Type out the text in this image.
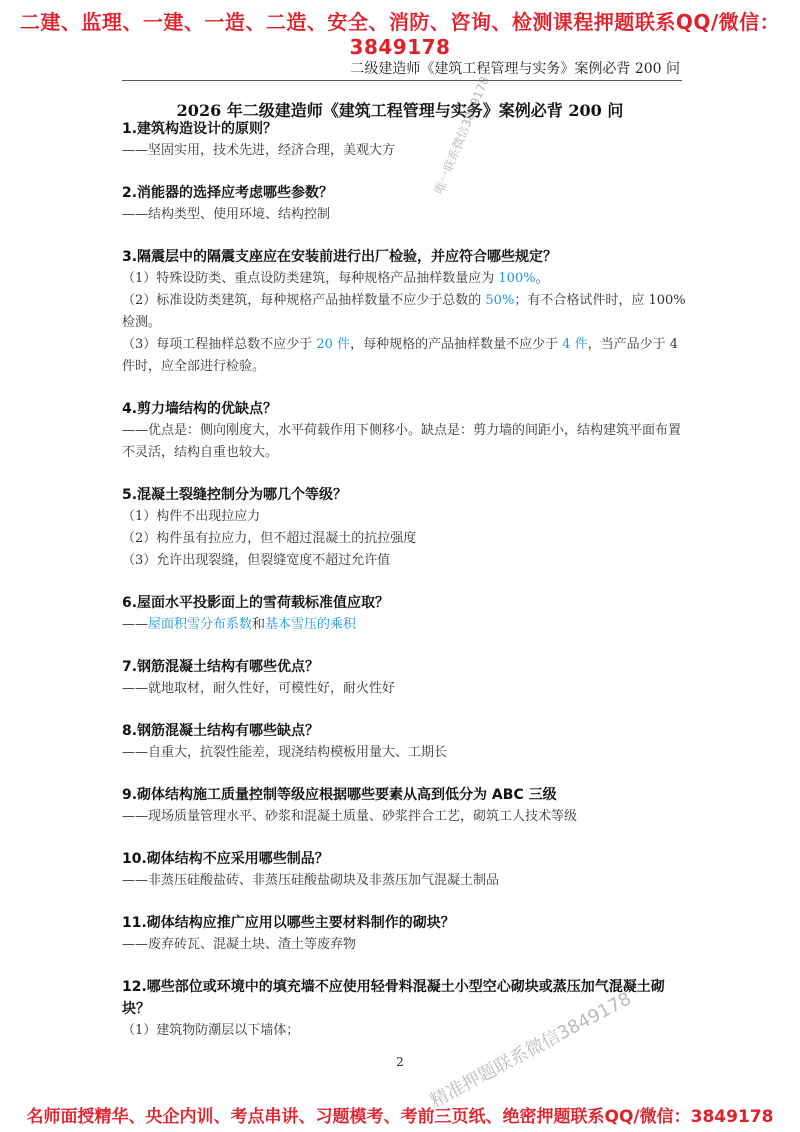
二建、监理、一建、一造、二造、安全、消防、咨询、检测课程押题联系QQ/微信：3849178
二级建造师《建筑工程管理与实务》案例必背 200 问
2026 年二级建造师《建筑工程管理与实务》案例必背 200 问
1.建筑构造设计的原则？
——坚固实用，技术先进，经济合理，美观大方
2.消能器的选择应考虑哪些参数？
——结构类型、使用环境、结构控制
3.隔震层中的隔震支座应在安装前进行出厂检验，并应符合哪些规定？
（1）特殊设防类、重点设防类建筑，每种规格产品抽样数量应为 100%。
（2）标准设防类建筑，每种规格产品抽样数量不应少于总数的 50%；有不合格试件时，应 100%检测。
（3）每项工程抽样总数不应少于 20 件，每种规格的产品抽样数量不应少于 4 件，当产品少于 4 件时，应全部进行检验。
4.剪力墙结构的优缺点？
——优点是：侧向刚度大，水平荷载作用下侧移小。缺点是：剪力墙的间距小，结构建筑平面布置不灵活，结构自重也较大。
5.混凝土裂缝控制分为哪几个等级？
（1）构件不出现拉应力
（2）构件虽有拉应力，但不超过混凝土的抗拉强度
（3）允许出现裂缝，但裂缝宽度不超过允许值
6.屋面水平投影面上的雪荷载标准值应取？
——屋面积雪分布系数和基本雪压的乘积
7.钢筋混凝土结构有哪些优点？
——就地取材，耐久性好，可模性好，耐火性好
8.钢筋混凝土结构有哪些缺点？
——自重大，抗裂性能差，现浇结构模板用量大、工期长
9.砌体结构施工质量控制等级应根据哪些要素从高到低分为 ABC 三级
——现场质量管理水平、砂浆和混凝土质量、砂浆拌合工艺，砌筑工人技术等级
10.砌体结构不应采用哪些制品？
——非蒸压硅酸盐砖、非蒸压硅酸盐砌块及非蒸压加气混凝土制品
11.砌体结构应推广应用以哪些主要材料制作的砌块？
——废弃砖瓦、混凝土块、渣土等废弃物
12.哪些部位或环境中的填充墙不应使用轻骨料混凝土小型空心砌块或蒸压加气混凝土砌块？
（1）建筑物防潮层以下墙体；
唯一联系微信3849178
精准押题联系微信3849178
2
名师面授精华、央企内训、考点串讲、习题模考、考前三页纸、绝密押题联系QQ/微信：3849178
